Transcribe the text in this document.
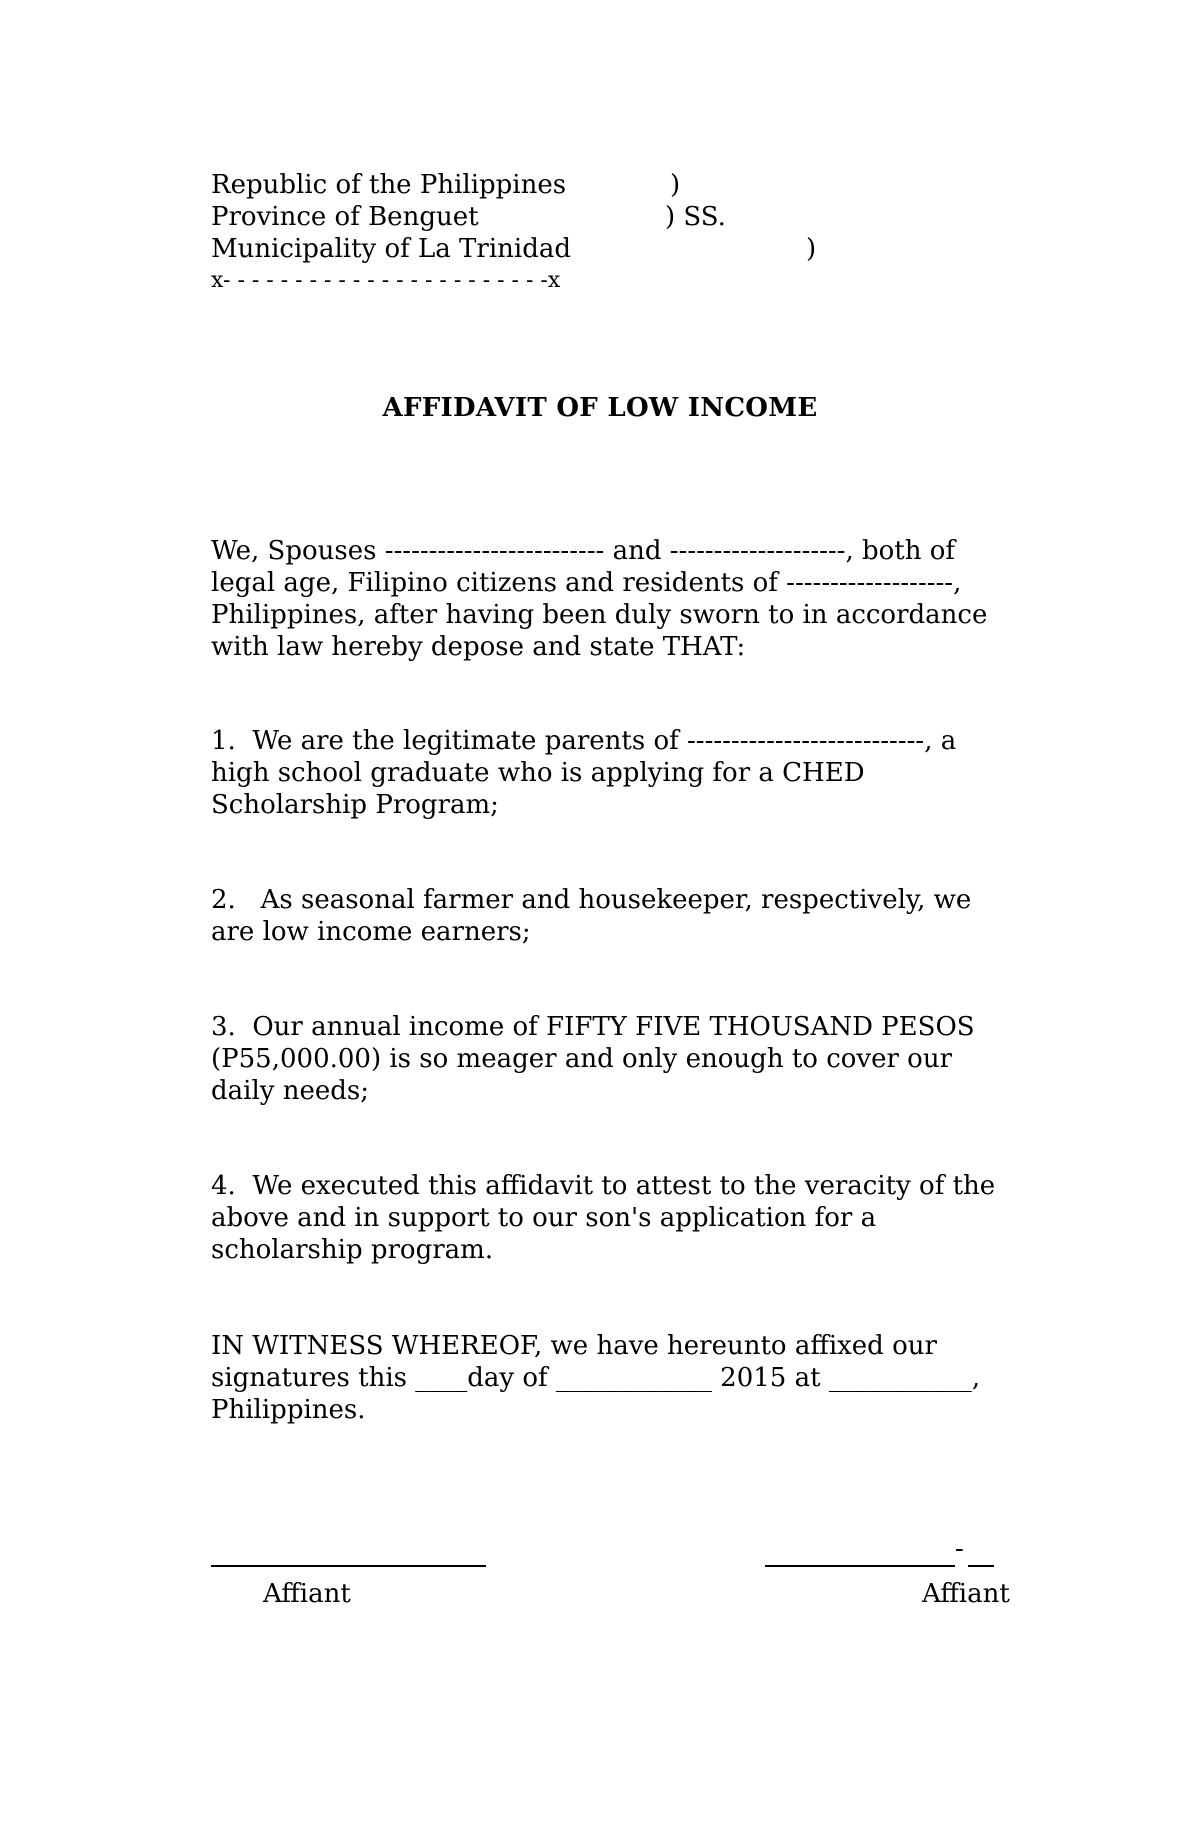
Republic of the Philippines	)
Province of Benguet	) SS.
Municipality of La Trinidad	)
x- - - - - - - - - - - - - - - - - - - - - - -x
AFFIDAVIT OF LOW INCOME
We, Spouses ------------------------- and --------------------, both of
legal age, Filipino citizens and residents of -------------------,
Philippines, after having been duly sworn to in accordance
with law hereby depose and state THAT:
1.  We are the legitimate parents of ---------------------------, a
high school graduate who is applying for a CHED
Scholarship Program;
2.   As seasonal farmer and housekeeper, respectively, we
are low income earners;
3.  Our annual income of FIFTY FIVE THOUSAND PESOS
(P55,000.00) is so meager and only enough to cover our
daily needs;
4.  We executed this affidavit to attest to the veracity of the
above and in support to our son's application for a
scholarship program.
IN WITNESS WHEREOF, we have hereunto affixed our
signatures this ____day of ____________ 2015 at ___________,
Philippines.
Affiant
-
Affiant
